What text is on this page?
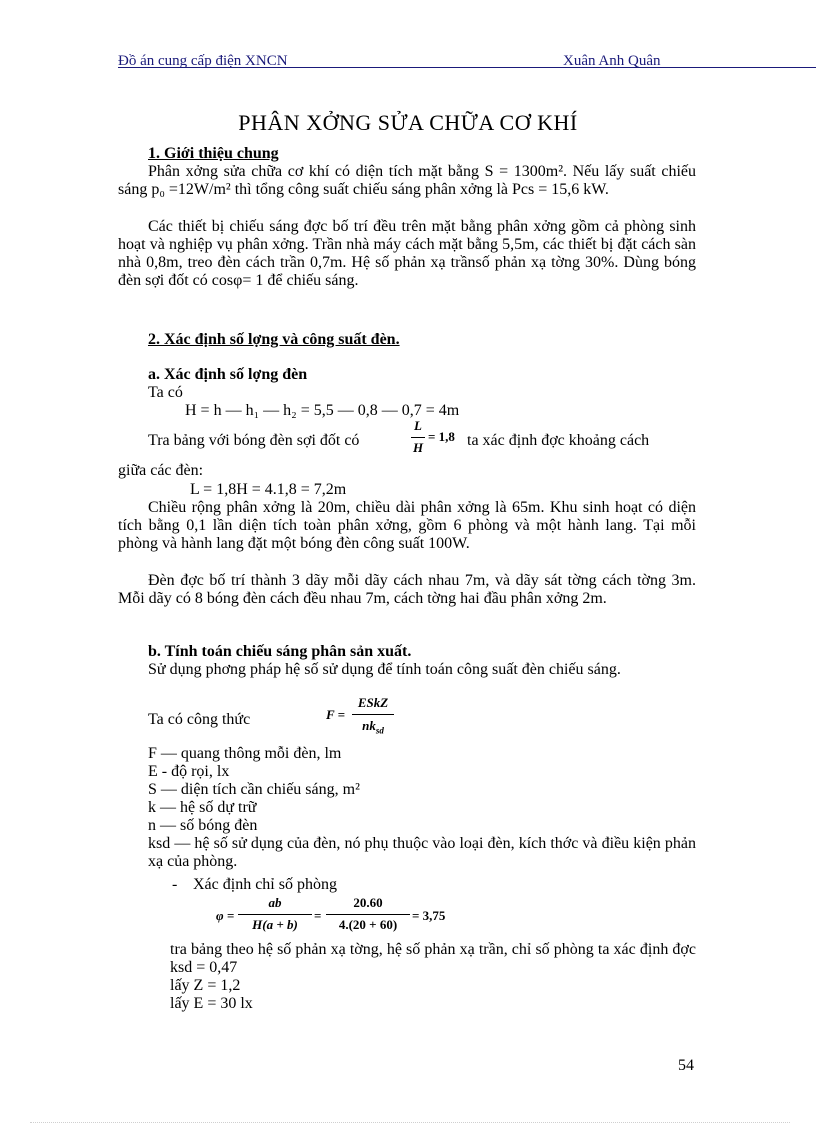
Đồ án cung cấp điện XNCN	Xuân Anh Quân
PHÂN XỞNG SỬA CHỮA CƠ KHÍ
1. Giới thiệu chung
Phân xởng sửa chữa cơ khí có diện tích mặt bằng S = 1300m². Nếu lấy suất chiếu sáng p₀ =12W/m² thì tổng công suất chiếu sáng phân xởng là Pcs = 15,6 kW.
Các thiết bị chiếu sáng đợc bố trí đều trên mặt bằng phân xởng gồm cả phòng sinh hoạt và nghiệp vụ phân xởng. Trần nhà máy cách mặt bằng 5,5m, các thiết bị đặt cách sàn nhà 0,8m, treo đèn cách trần 0,7m. Hệ số phản xạ trầnsố phản xạ tờng 30%. Dùng bóng đèn sợi đốt có cosφ= 1 để chiếu sáng.
2. Xác định số lợng và công suất đèn.
a. Xác định số lợng đèn
Ta có
H = h — h₁ — h₂ = 5,5 — 0,8 — 0,7 = 4m
Tra bảng với bóng đèn sợi đốt có
L
H
= 1,8 ta xác định đợc khoảng cách
giữa các đèn:
L = 1,8H = 4.1,8 = 7,2m
Chiều rộng phân xởng là 20m, chiều dài phân xởng là 65m. Khu sinh hoạt có diện tích bằng 0,1 lần diện tích toàn phân xởng, gồm 6 phòng và một hành lang. Tại mỗi phòng và hành lang đặt một bóng đèn công suất 100W.
Đèn đợc bố trí thành 3 dãy mỗi dãy cách nhau 7m, và dãy sát tờng cách tờng 3m. Mỗi dãy có 8 bóng đèn cách đều nhau 7m, cách tờng hai đầu phân xởng 2m.
b. Tính toán chiếu sáng phân sản xuất.
Sử dụng phơng pháp hệ số sử dụng để tính toán công suất đèn chiếu sáng.
Ta có công thức	F =
ESkZ
$nk_{sd}$
F — quang thông mỗi đèn, lm
E - độ rọi, lx
S — diện tích cần chiếu sáng, m²
k — hệ số dự trữ
n — số bóng đèn
ksd — hệ số sử dụng của đèn, nó phụ thuộc vào loại đèn, kích thớc và điều kiện phản xạ của phòng.
- Xác định chỉ số phòng
φ =
ab
H(a + b)
=
20.60
4.(20 + 60)
= 3,75
tra bảng theo hệ số phản xạ tờng, hệ số phản xạ trần, chỉ số phòng ta xác định đợc ksd = 0,47
lấy Z = 1,2
lấy E = 30 lx
54
